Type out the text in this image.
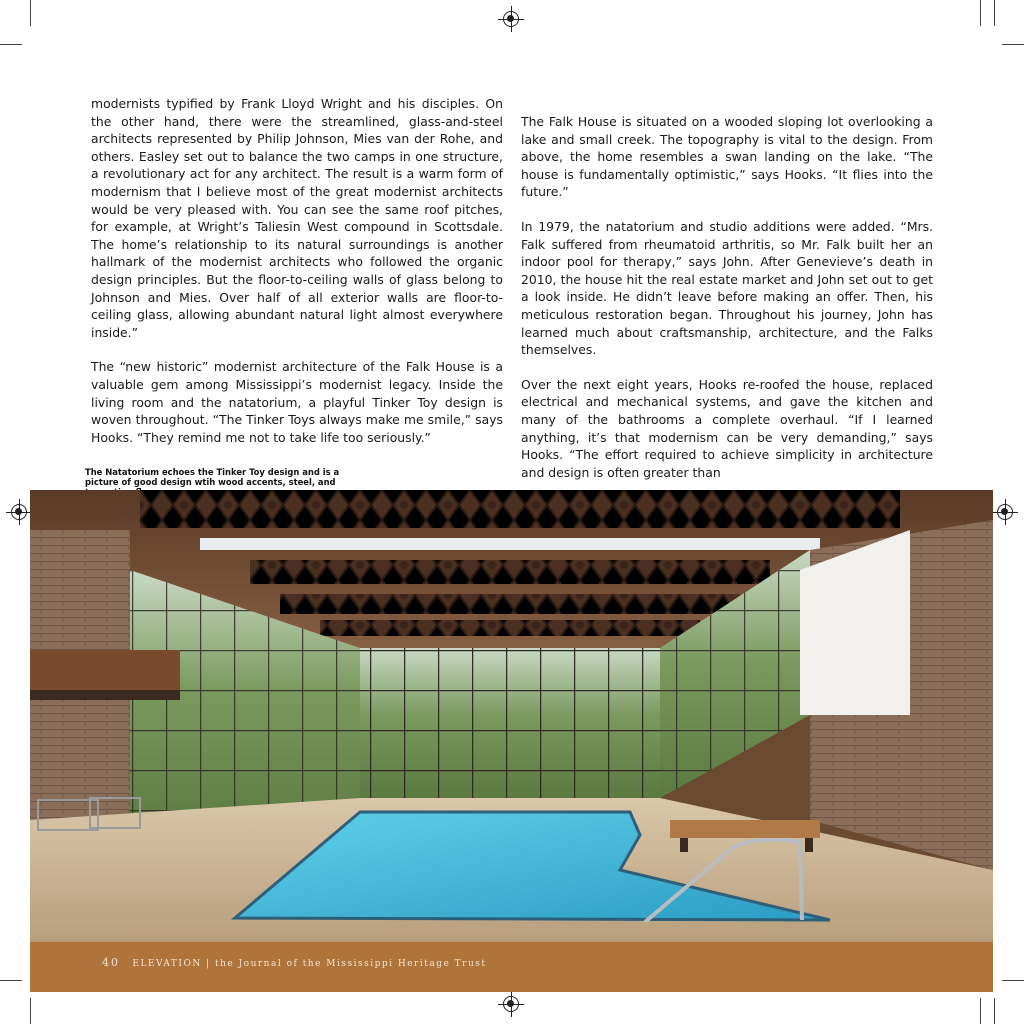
modernists typified by Frank Lloyd Wright and his disciples. On the other hand, there were the streamlined, glass-and-steel architects represented by Philip Johnson, Mies van der Rohe, and others. Easley set out to balance the two camps in one structure, a revolutionary act for any architect. The result is a warm form of modernism that I believe most of the great modernist architects would be very pleased with. You can see the same roof pitches, for example, at Wright’s Taliesin West compound in Scottsdale. The home’s relationship to its natural surroundings is another hallmark of the modernist architects who followed the organic design principles. But the floor-to-ceiling walls of glass belong to Johnson and Mies. Over half of all exterior walls are floor-to-ceiling glass, allowing abundant natural light almost everywhere inside.”

The “new historic” modernist architecture of the Falk House is a valuable gem among Mississippi’s modernist legacy. Inside the living room and the natatorium, a playful Tinker Toy design is woven throughout. “The Tinker Toys always make me smile,” says Hooks. “They remind me not to take life too seriously.”

The Falk House is situated on a wooded sloping lot overlooking a lake and small creek. The topography is vital to the design. From above, the home resembles a swan landing on the lake. “The house is fundamentally optimistic,” says Hooks. “It flies into the future.”

In 1979, the natatorium and studio additions were added. “Mrs. Falk suffered from rheumatoid arthritis, so Mr. Falk built her an indoor pool for therapy,” says John. After Genevieve’s death in 2010, the house hit the real estate market and John set out to get a look inside. He didn’t leave before making an offer. Then, his meticulous restoration began. Throughout his journey, John has learned much about craftsmanship, architecture, and the Falks themselves.

Over the next eight years, Hooks re-roofed the house, replaced electrical and mechanical systems, and gave the kitchen and many of the bathrooms a complete overhaul. “If I learned anything, it’s that modernism can be very demanding,” says Hooks. “The effort required to achieve simplicity in architecture and design is often greater than

The Natatorium echoes the Tinker Toy design and is a picture of good design wtih wood accents, steel, and
40 ELEVATION | the Journal of the Mississippi Heritage Trust
